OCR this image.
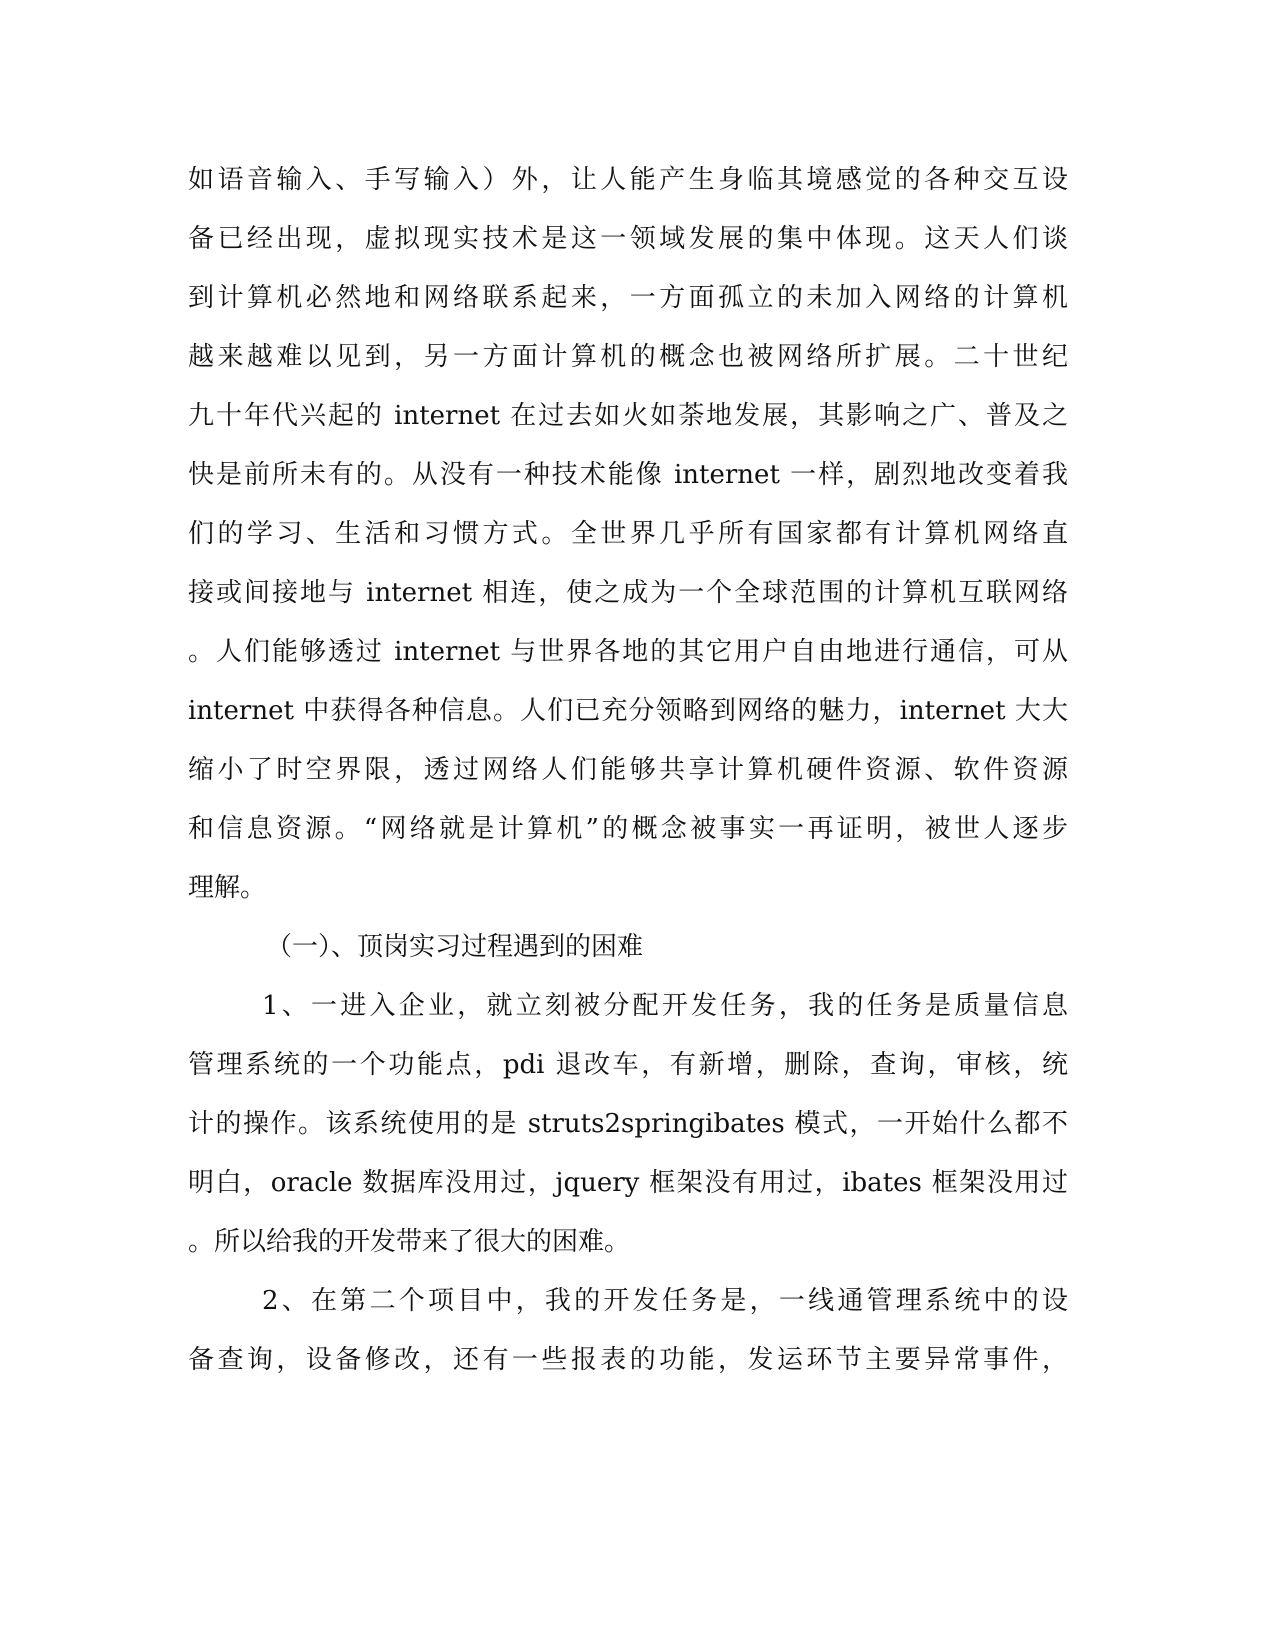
如语音输入、手写输入）外，让人能产生身临其境感觉的各种交互设
备已经出现，虚拟现实技术是这一领域发展的集中体现。这天人们谈
到计算机必然地和网络联系起来，一方面孤立的未加入网络的计算机
越来越难以见到，另一方面计算机的概念也被网络所扩展。二十世纪
九十年代兴起的 internet 在过去如火如荼地发展，其影响之广、普及之
快是前所未有的。从没有一种技术能像 internet 一样，剧烈地改变着我
们的学习、生活和习惯方式。全世界几乎所有国家都有计算机网络直
接或间接地与 internet 相连，使之成为一个全球范围的计算机互联网络
。人们能够透过 internet 与世界各地的其它用户自由地进行通信，可从
internet 中获得各种信息。人们已充分领略到网络的魅力，internet 大大
缩小了时空界限，透过网络人们能够共享计算机硬件资源、软件资源
和信息资源。“网络就是计算机”的概念被事实一再证明，被世人逐步
理解。
（一）、顶岗实习过程遇到的困难
1、一进入企业，就立刻被分配开发任务，我的任务是质量信息
管理系统的一个功能点，pdi 退改车，有新增，删除，查询，审核，统
计的操作。该系统使用的是 struts2springibates 模式，一开始什么都不
明白，oracle 数据库没用过，jquery 框架没有用过，ibates 框架没用过
。所以给我的开发带来了很大的困难。
2、在第二个项目中，我的开发任务是，一线通管理系统中的设
备查询，设备修改，还有一些报表的功能，发运环节主要异常事件，
